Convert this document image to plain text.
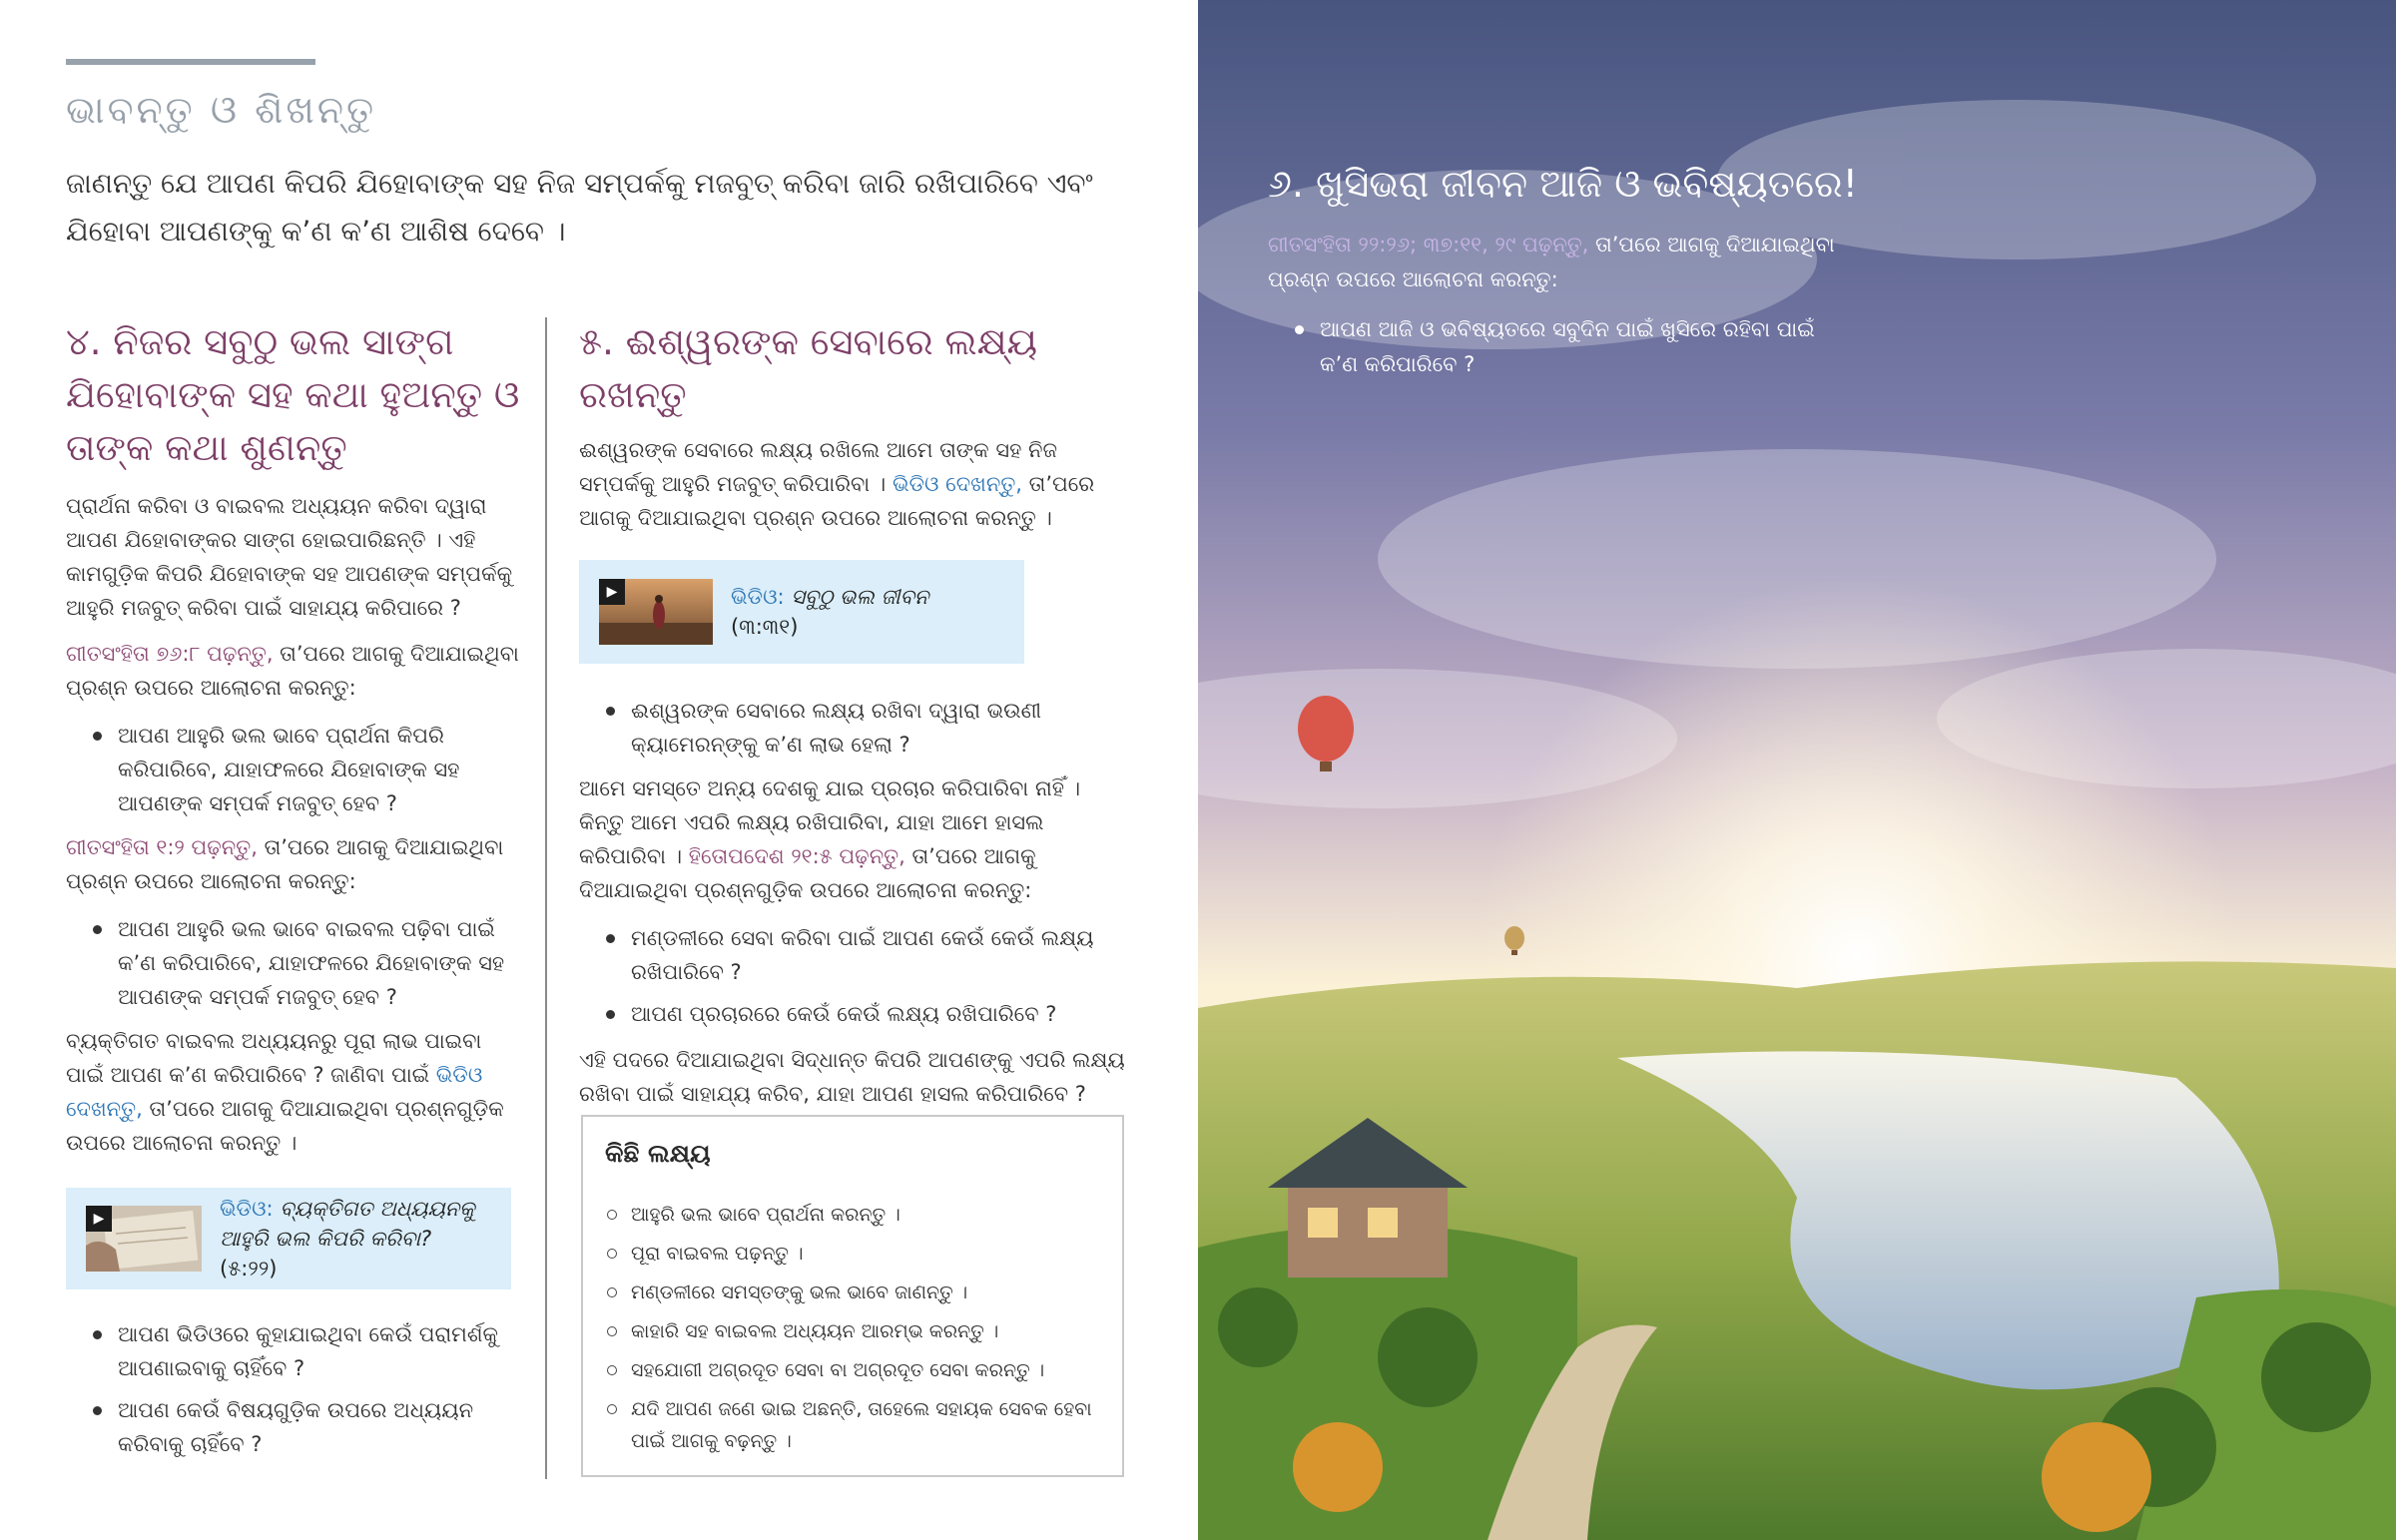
ଭାବନ୍ତୁ ଓ ଶିଖନ୍ତୁ

ଜାଣନ୍ତୁ ଯେ ଆପଣ କିପରି ଯିହୋବାଙ୍କ ସହ ନିଜ ସମ୍ପର୍କକୁ ମଜବୁତ୍‌ କରିବା ଜାରି ରଖିପାରିବେ ଏବଂ ଯିହୋବା ଆପଣଙ୍କୁ କʼଣ କʼଣ ଆଶିଷ ଦେବେ ।

୪. ନିଜର ସବୁଠୁ ଭଲ ସାଙ୍ଗ ଯିହୋବାଙ୍କ ସହ କଥା ହୁଅନ୍ତୁ ଓ ତାଙ୍କ କଥା ଶୁଣନ୍ତୁ

ପ୍ରାର୍ଥନା କରିବା ଓ ବାଇବଲ ଅଧ୍ୟୟନ କରିବା ଦ୍ୱାରା ଆପଣ ଯିହୋବାଙ୍କର ସାଙ୍ଗ ହୋଇପାରିଛନ୍ତି । ଏହି କାମଗୁଡ଼ିକ କିପରି ଯିହୋବାଙ୍କ ସହ ଆପଣଙ୍କ ସମ୍ପର୍କକୁ ଆହୁରି ମଜବୁତ୍‌ କରିବା ପାଇଁ ସାହାଯ୍ୟ କରିପାରେ ?

ଗୀତସଂହିତା ୭୬:୮ ପଢ଼ନ୍ତୁ, ତାʼପରେ ଆଗକୁ ଦିଆଯାଇଥିବା ପ୍ରଶ୍ନ ଉପରେ ଆଲୋଚନା କରନ୍ତୁ:

ଆପଣ ଆହୁରି ଭଲ ଭାବେ ପ୍ରାର୍ଥନା କିପରି କରିପାରିବେ, ଯାହାଫଳରେ ଯିହୋବାଙ୍କ ସହ ଆପଣଙ୍କ ସମ୍ପର୍କ ମଜବୁତ୍‌ ହେବ ?

ଗୀତସଂହିତା ୧:୨ ପଢ଼ନ୍ତୁ, ତାʼପରେ ଆଗକୁ ଦିଆଯାଇଥିବା ପ୍ରଶ୍ନ ଉପରେ ଆଲୋଚନା କରନ୍ତୁ:

ଆପଣ ଆହୁରି ଭଲ ଭାବେ ବାଇବଲ ପଢ଼ିବା ପାଇଁ କʼଣ କରିପାରିବେ, ଯାହାଫଳରେ ଯିହୋବାଙ୍କ ସହ ଆପଣଙ୍କ ସମ୍ପର୍କ ମଜବୁତ୍‌ ହେବ ?

ବ୍ୟକ୍ତିଗତ ବାଇବଲ ଅଧ୍ୟୟନରୁ ପୂରା ଲାଭ ପାଇବା ପାଇଁ ଆପଣ କʼଣ କରିପାରିବେ ? ଜାଣିବା ପାଇଁ ଭିଡିଓ ଦେଖନ୍ତୁ, ତାʼପରେ ଆଗକୁ ଦିଆଯାଇଥିବା ପ୍ରଶ୍ନଗୁଡ଼ିକ ଉପରେ ଆଲୋଚନା କରନ୍ତୁ ।

▶	ଭିଡିଓ: ବ୍ୟକ୍ତିଗତ ଅଧ୍ୟୟନକୁ ଆହୁରି ଭଲ କିପରି କରିବା? (୫:୨୨)
ଆପଣ ଭିଡିଓରେ କୁହାଯାଇଥିବା କେଉଁ ପରାମର୍ଶକୁ ଆପଣାଇବାକୁ ଚାହିଁବେ ?
ଆପଣ କେଉଁ ବିଷୟଗୁଡ଼ିକ ଉପରେ ଅଧ୍ୟୟନ କରିବାକୁ ଚାହିଁବେ ?
୫. ଈଶ୍ୱରଙ୍କ ସେବାରେ ଲକ୍ଷ୍ୟ ରଖନ୍ତୁ

ଈଶ୍ୱରଙ୍କ ସେବାରେ ଲକ୍ଷ୍ୟ ରଖିଲେ ଆମେ ତାଙ୍କ ସହ ନିଜ ସମ୍ପର୍କକୁ ଆହୁରି ମଜବୁତ୍‌ କରିପାରିବା । ଭିଡିଓ ଦେଖନ୍ତୁ, ତାʼପରେ ଆଗକୁ ଦିଆଯାଇଥିବା ପ୍ରଶ୍ନ ଉପରେ ଆଲୋଚନା କରନ୍ତୁ ।

▶	ଭିଡିଓ: ସବୁଠୁ ଭଲ ଜୀବନ
(୩:୩୧)
ଈଶ୍ୱରଙ୍କ ସେବାରେ ଲକ୍ଷ୍ୟ ରଖିବା ଦ୍ୱାରା ଭଉଣୀ କ୍ୟାମେରନ୍‌ଙ୍କୁ କʼଣ ଲାଭ ହେଲା ?

ଆମେ ସମସ୍ତେ ଅନ୍ୟ ଦେଶକୁ ଯାଇ ପ୍ରଚାର କରିପାରିବା ନାହିଁ । କିନ୍ତୁ ଆମେ ଏପରି ଲକ୍ଷ୍ୟ ରଖିପାରିବା, ଯାହା ଆମେ ହାସଲ କରିପାରିବା । ହିତୋପଦେଶ ୨୧:୫ ପଢ଼ନ୍ତୁ, ତାʼପରେ ଆଗକୁ ଦିଆଯାଇଥିବା ପ୍ରଶ୍ନଗୁଡ଼ିକ ଉପରେ ଆଲୋଚନା କରନ୍ତୁ:

ମଣ୍ଡଳୀରେ ସେବା କରିବା ପାଇଁ ଆପଣ କେଉଁ କେଉଁ ଲକ୍ଷ୍ୟ ରଖିପାରିବେ ?
ଆପଣ ପ୍ରଚାରରେ କେଉଁ କେଉଁ ଲକ୍ଷ୍ୟ ରଖିପାରିବେ ?

ଏହି ପଦରେ ଦିଆଯାଇଥିବା ସିଦ୍ଧାନ୍ତ କିପରି ଆପଣଙ୍କୁ ଏପରି ଲକ୍ଷ୍ୟ ରଖିବା ପାଇଁ ସାହାଯ୍ୟ କରିବ, ଯାହା ଆପଣ ହାସଲ କରିପାରିବେ ?

କିଛି ଲକ୍ଷ୍ୟ
ଆହୁରି ଭଲ ଭାବେ ପ୍ରାର୍ଥନା କରନ୍ତୁ ।
ପୂରା ବାଇବଲ ପଢ଼ନ୍ତୁ ।
ମଣ୍ଡଳୀରେ ସମସ୍ତଙ୍କୁ ଭଲ ଭାବେ ଜାଣନ୍ତୁ ।
କାହାରି ସହ ବାଇବଲ ଅଧ୍ୟୟନ ଆରମ୍ଭ କରନ୍ତୁ ।
ସହଯୋଗୀ ଅଗ୍ରଦୂତ ସେବା ବା ଅଗ୍ରଦୂତ ସେବା କରନ୍ତୁ ।
ଯଦି ଆପଣ ଜଣେ ଭାଇ ଅଛନ୍ତି, ତାହେଲେ ସହାୟକ ସେବକ ହେବା ପାଇଁ ଆଗକୁ ବଢ଼ନ୍ତୁ ।
୬. ଖୁସିଭରା ଜୀବନ ଆଜି ଓ ଭବିଷ୍ୟତରେ!

ଗୀତସଂହିତା ୨୨:୨୬; ୩୭:୧୧, ୨୯ ପଢ଼ନ୍ତୁ, ତାʼପରେ ଆଗକୁ ଦିଆଯାଇଥିବା ପ୍ରଶ୍ନ ଉପରେ ଆଲୋଚନା କରନ୍ତୁ:

ଆପଣ ଆଜି ଓ ଭବିଷ୍ୟତରେ ସବୁଦିନ ପାଇଁ ଖୁସିରେ ରହିବା ପାଇଁ କʼଣ କରିପାରିବେ ?
